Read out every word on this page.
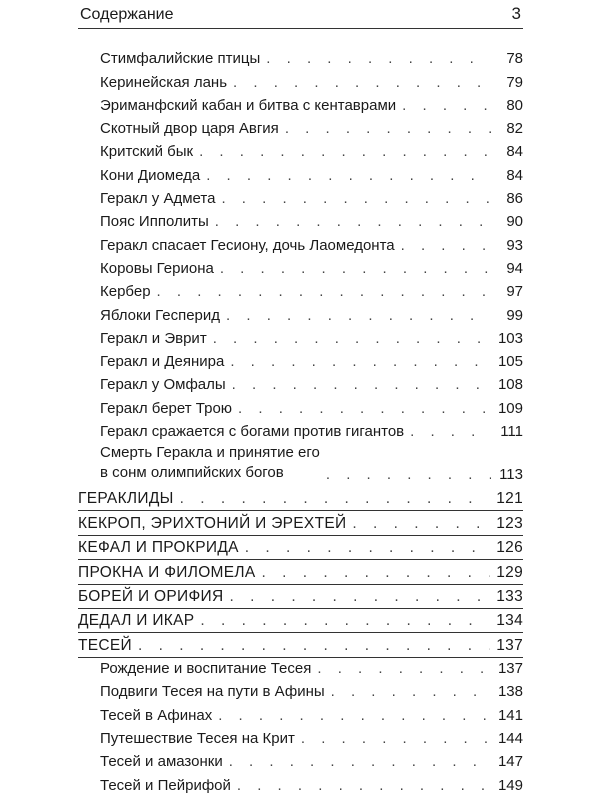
Содержание	3
Стимфалийские птицы . . .	78
Керинейская лань . . .	79
Эриманфский кабан и битва с кентаврами . . .	80
Скотный двор царя Авгия . . .	82
Критский бык . . .	84
Кони Диомеда . . .	84
Геракл у Адмета . . .	86
Пояс Ипполиты . . .	90
Геракл спасает Гесиону, дочь Лаомедонта . . .	93
Коровы Гериона . . .	94
Кербер . . .	97
Яблоки Гесперид . . .	99
Геракл и Эврит . . .	103
Геракл и Деянира . . .	105
Геракл у Омфалы . . .	108
Геракл берет Трою . . .	109
Геракл сражается с богами против гигантов . . .	111
Смерть Геракла и принятие его
в сонм олимпийских богов . . .	113
ГЕРАКЛИДЫ . . .	121
КЕКРОП, ЭРИХТОНИЙ И ЭРЕХТЕЙ . . .	123
КЕФАЛ И ПРОКРИДА . . .	126
ПРОКНА И ФИЛОМЕЛА . . .	129
БОРЕЙ И ОРИФИЯ . . .	133
ДЕДАЛ И ИКАР . . .	134
ТЕСЕЙ . . .	137
Рождение и воспитание Тесея . . .	137
Подвиги Тесея на пути в Афины . . .	138
Тесей в Афинах . . .	141
Путешествие Тесея на Крит . . .	144
Тесей и амазонки . . .	147
Тесей и Пейрифой . . .	149
